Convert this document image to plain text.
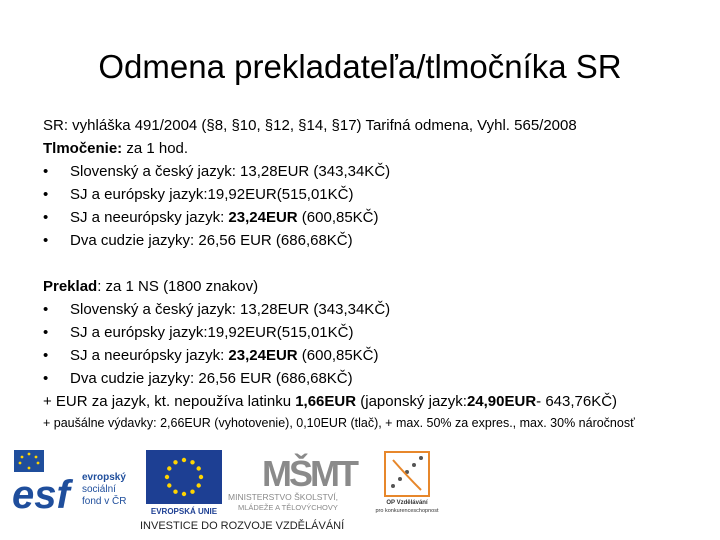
Odmena prekladateľa/tlmočníka SR
SR: vyhláška 491/2004 (§8, §10, §12, §14, §17) Tarifná odmena, Vyhl. 565/2008
Tlmočenie: za 1 hod.
• Slovenský a český jazyk: 13,28EUR (343,34KČ)
• SJ a európsky jazyk:19,92EUR(515,01KČ)
• SJ a neeurópsky jazyk: 23,24EUR (600,85KČ)
• Dva cudzie jazyky: 26,56 EUR (686,68KČ)
Preklad: za 1 NS (1800 znakov)
• Slovenský a český jazyk: 13,28EUR (343,34KČ)
• SJ a európsky jazyk:19,92EUR(515,01KČ)
• SJ a neeurópsky jazyk: 23,24EUR (600,85KČ)
• Dva cudzie jazyky: 26,56 EUR (686,68KČ)
+ EUR za jazyk, kt. nepoužíva latinku 1,66EUR (japonský jazyk:24,90EUR- 643,76KČ)
+ paušálne výdavky: 2,66EUR (vyhotovenie), 0,10EUR (tlač), + max. 50% za expres., max. 30% náročnosť
esf	evropský
sociální
fond v ČR
EVROPSKÁ UNIE
MŠMT
MINISTERSTVO ŠKOLSTVÍ,
MLÁDEŽE A TĚLOVÝCHOVY	OP Vzdělávání
pro konkurenceschopnost
INVESTICE DO ROZVOJE VZDĚLÁVÁNÍ
